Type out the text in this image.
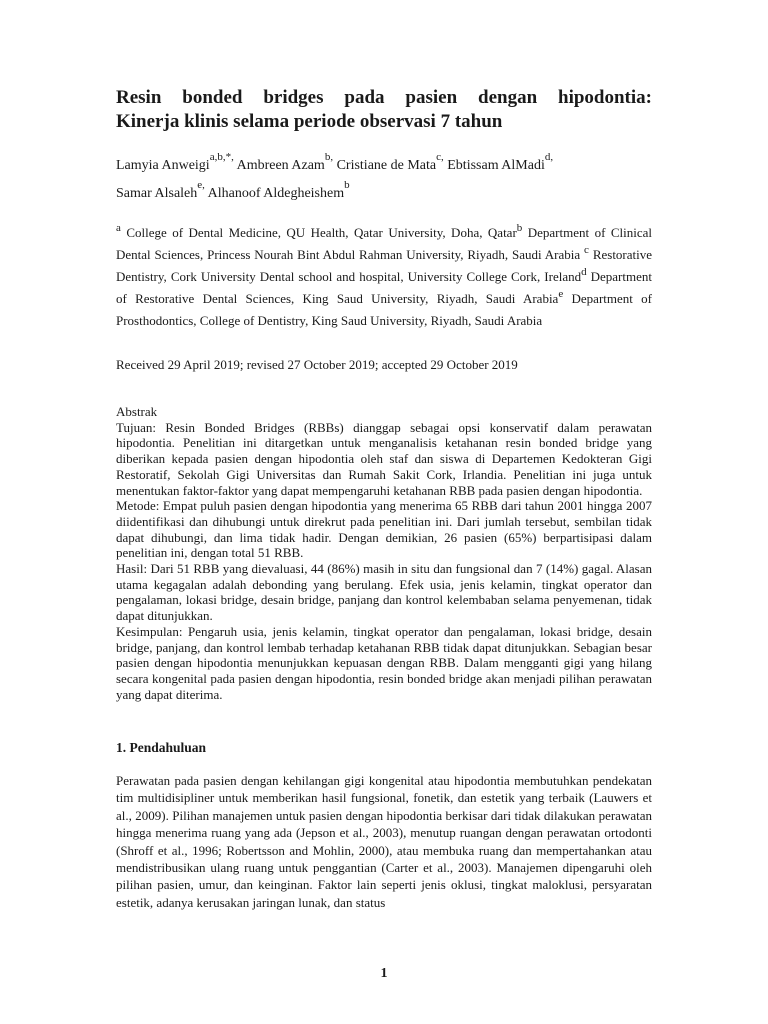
Resin bonded bridges pada pasien dengan hipodontia:
Kinerja klinis selama periode observasi 7 tahun
Lamyia Anweigi$^{a,b,*,}$ Ambreen Azam$^{b,}$ Cristiane de Mata$^{c,}$ Ebtissam AlMadi$^{d,}$
Samar Alsaleh$^{e,}$ Alhanoof Aldegheishem$^b$
$^a$ College of Dental Medicine, QU Health, Qatar University, Doha, Qatar$^b$ Department of Clinical Dental Sciences, Princess Nourah Bint Abdul Rahman University, Riyadh, Saudi Arabia $^c$ Restorative Dentistry, Cork University Dental school and hospital, University College Cork, Ireland$^d$ Department of Restorative Dental Sciences, King Saud University, Riyadh, Saudi Arabia$^e$ Department of Prosthodontics, College of Dentistry, King Saud University, Riyadh, Saudi Arabia
Received 29 April 2019; revised 27 October 2019; accepted 29 October 2019

Abstrak

Tujuan: Resin Bonded Bridges (RBBs) dianggap sebagai opsi konservatif dalam perawatan hipodontia. Penelitian ini ditargetkan untuk menganalisis ketahanan resin bonded bridge yang diberikan kepada pasien dengan hipodontia oleh staf dan siswa di Departemen Kedokteran Gigi Restoratif, Sekolah Gigi Universitas dan Rumah Sakit Cork, Irlandia. Penelitian ini juga untuk menentukan faktor-faktor yang dapat mempengaruhi ketahanan RBB pada pasien dengan hipodontia.

Metode: Empat puluh pasien dengan hipodontia yang menerima 65 RBB dari tahun 2001 hingga 2007 diidentifikasi dan dihubungi untuk direkrut pada penelitian ini. Dari jumlah tersebut, sembilan tidak dapat dihubungi, dan lima tidak hadir. Dengan demikian, 26 pasien (65%) berpartisipasi dalam penelitian ini, dengan total 51 RBB.

Hasil: Dari 51 RBB yang dievaluasi, 44 (86%) masih in situ dan fungsional dan 7 (14%) gagal. Alasan utama kegagalan adalah debonding yang berulang. Efek usia, jenis kelamin, tingkat operator dan pengalaman, lokasi bridge, desain bridge, panjang dan kontrol kelembaban selama penyemenan, tidak dapat ditunjukkan.

Kesimpulan: Pengaruh usia, jenis kelamin, tingkat operator dan pengalaman, lokasi bridge, desain bridge, panjang, dan kontrol lembab terhadap ketahanan RBB tidak dapat ditunjukkan. Sebagian besar pasien dengan hipodontia menunjukkan kepuasan dengan RBB. Dalam mengganti gigi yang hilang secara kongenital pada pasien dengan hipodontia, resin bonded bridge akan menjadi pilihan perawatan yang dapat diterima.

1. Pendahuluan

Perawatan pada pasien dengan kehilangan gigi kongenital atau hipodontia membutuhkan pendekatan tim multidisipliner untuk memberikan hasil fungsional, fonetik, dan estetik yang terbaik (Lauwers et al., 2009). Pilihan manajemen untuk pasien dengan hipodontia berkisar dari tidak dilakukan perawatan hingga menerima ruang yang ada (Jepson et al., 2003), menutup ruangan dengan perawatan ortodonti (Shroff et al., 1996; Robertsson and Mohlin, 2000), atau membuka ruang dan mempertahankan atau mendistribusikan ulang ruang untuk penggantian (Carter et al., 2003). Manajemen dipengaruhi oleh pilihan pasien, umur, dan keinginan. Faktor lain seperti jenis oklusi, tingkat maloklusi, persyaratan estetik, adanya kerusakan jaringan lunak, dan status

1
